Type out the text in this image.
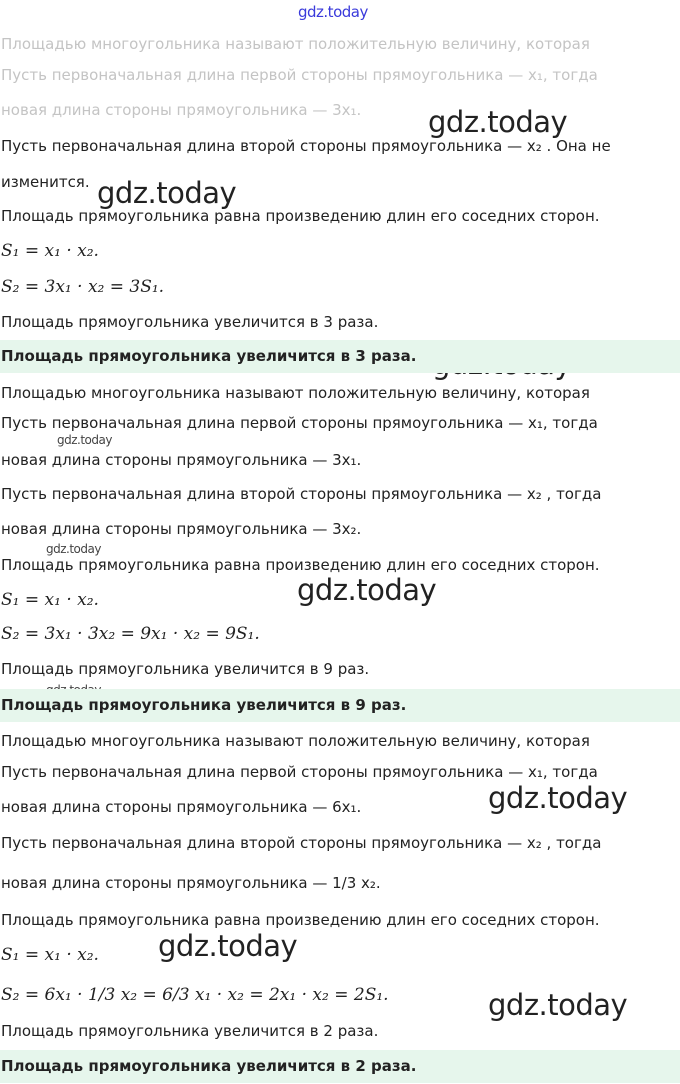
gdz.today
gdz.today
gdz.today
gdz.today
gdz.today
gdz.today
gdz.today
gdz.today
gdz.today
Площадью многоугольника называют положительную величину, которая
Пусть первоначальная длина первой стороны прямоугольника — x₁, тогда
новая длина стороны прямоугольника — 3x₁.
Пусть первоначальная длина второй стороны прямоугольника — x₂ . Она не
изменится.
Площадь прямоугольника равна произведению длин его соседних сторон.
S₁ = x₁ · x₂.
S₂ = 3x₁ · x₂ = 3S₁.
Площадь прямоугольника увеличится в 3 раза.
Площадь прямоугольника увеличится в 3 раза.
Площадью многоугольника называют положительную величину, которая
Пусть первоначальная длина первой стороны прямоугольника — x₁, тогда
новая длина стороны прямоугольника — 3x₁.
Пусть первоначальная длина второй стороны прямоугольника — x₂ , тогда
новая длина стороны прямоугольника — 3x₂.
Площадь прямоугольника равна произведению длин его соседних сторон.
S₁ = x₁ · x₂.
S₂ = 3x₁ · 3x₂ = 9x₁ · x₂ = 9S₁.
Площадь прямоугольника увеличится в 9 раз.
Площадь прямоугольника увеличится в 9 раз.
Площадью многоугольника называют положительную величину, которая
Пусть первоначальная длина первой стороны прямоугольника — x₁, тогда
новая длина стороны прямоугольника — 6x₁.
Пусть первоначальная длина второй стороны прямоугольника — x₂ , тогда
новая длина стороны прямоугольника — 1/3 x₂.
Площадь прямоугольника равна произведению длин его соседних сторон.
S₁ = x₁ · x₂.
S₂ = 6x₁ · 1/3 x₂ = 6/3 x₁ · x₂ = 2x₁ · x₂ = 2S₁.
Площадь прямоугольника увеличится в 2 раза.
Площадь прямоугольника увеличится в 2 раза.
